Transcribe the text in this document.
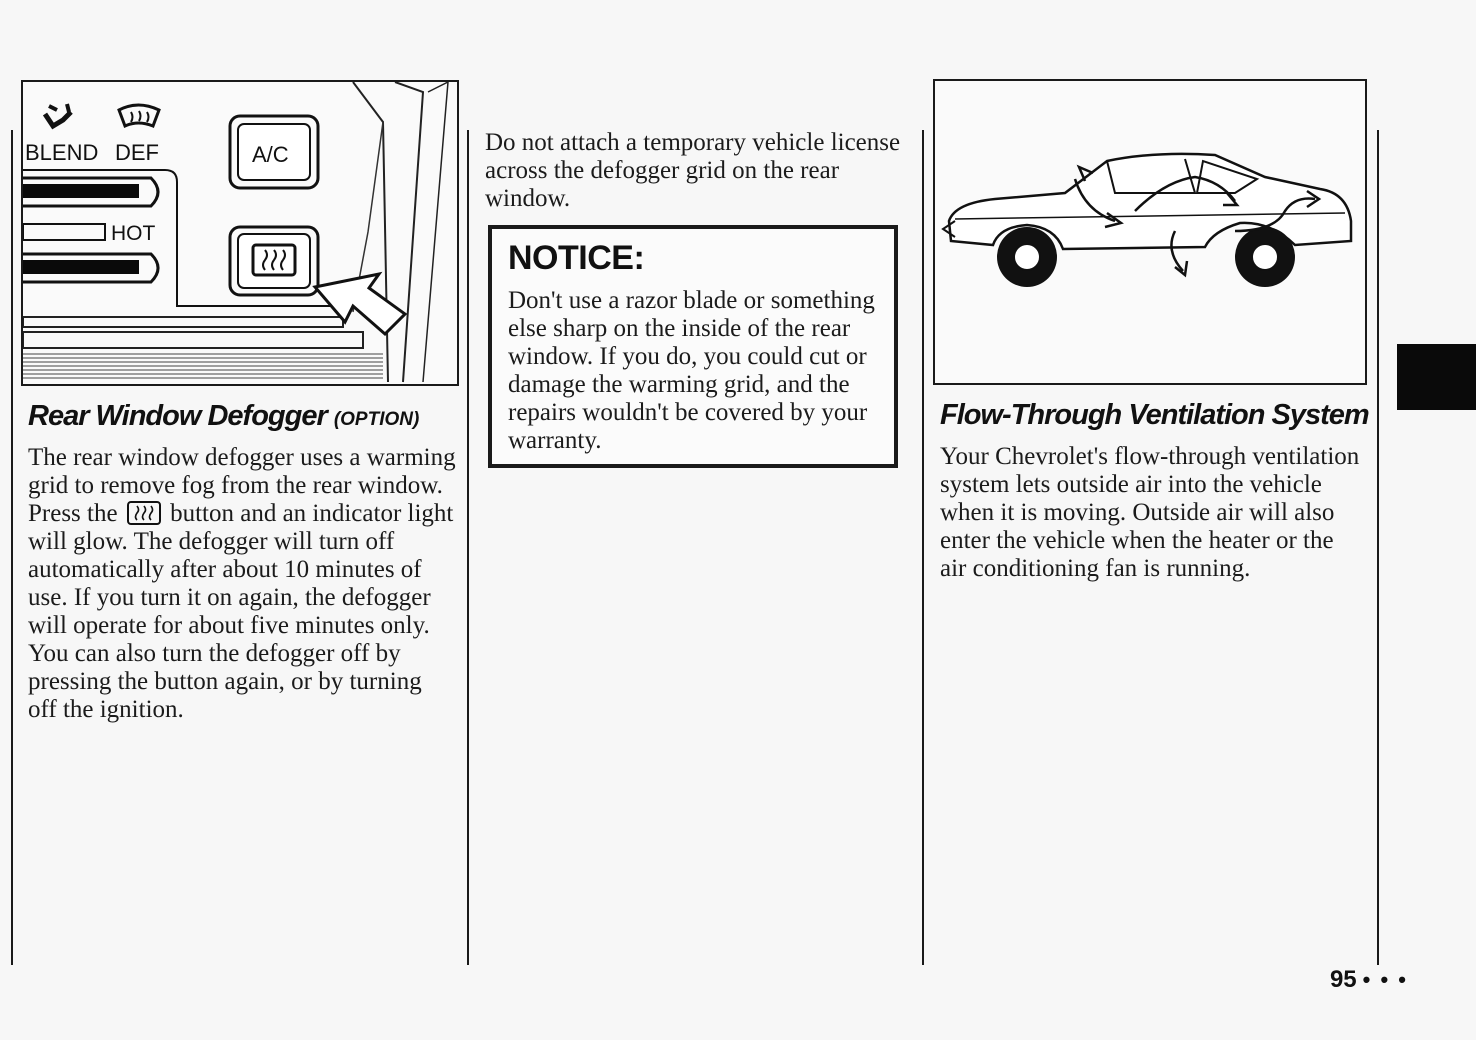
BLEND DEF
HOT
A/C
Rear Window Defogger (OPTION)

The rear window defogger uses a warming grid to remove fog from the rear window. Press the button and an indicator light will glow. The defogger will turn off automatically after about 10 minutes of use. If you turn it on again, the defogger will operate for about five minutes only. You can also turn the defogger off by pressing the button again, or by turning off the ignition.

Do not attach a temporary vehicle license across the defogger grid on the rear window.

NOTICE:

Don't use a razor blade or something else sharp on the inside of the rear window. If you do, you could cut or damage the warming grid, and the repairs wouldn't be covered by your warranty.

Flow-Through Ventilation System

Your Chevrolet's flow-through ventilation system lets outside air into the vehicle when it is moving. Outside air will also enter the vehicle when the heater or the air conditioning fan is running.

95 • • •
